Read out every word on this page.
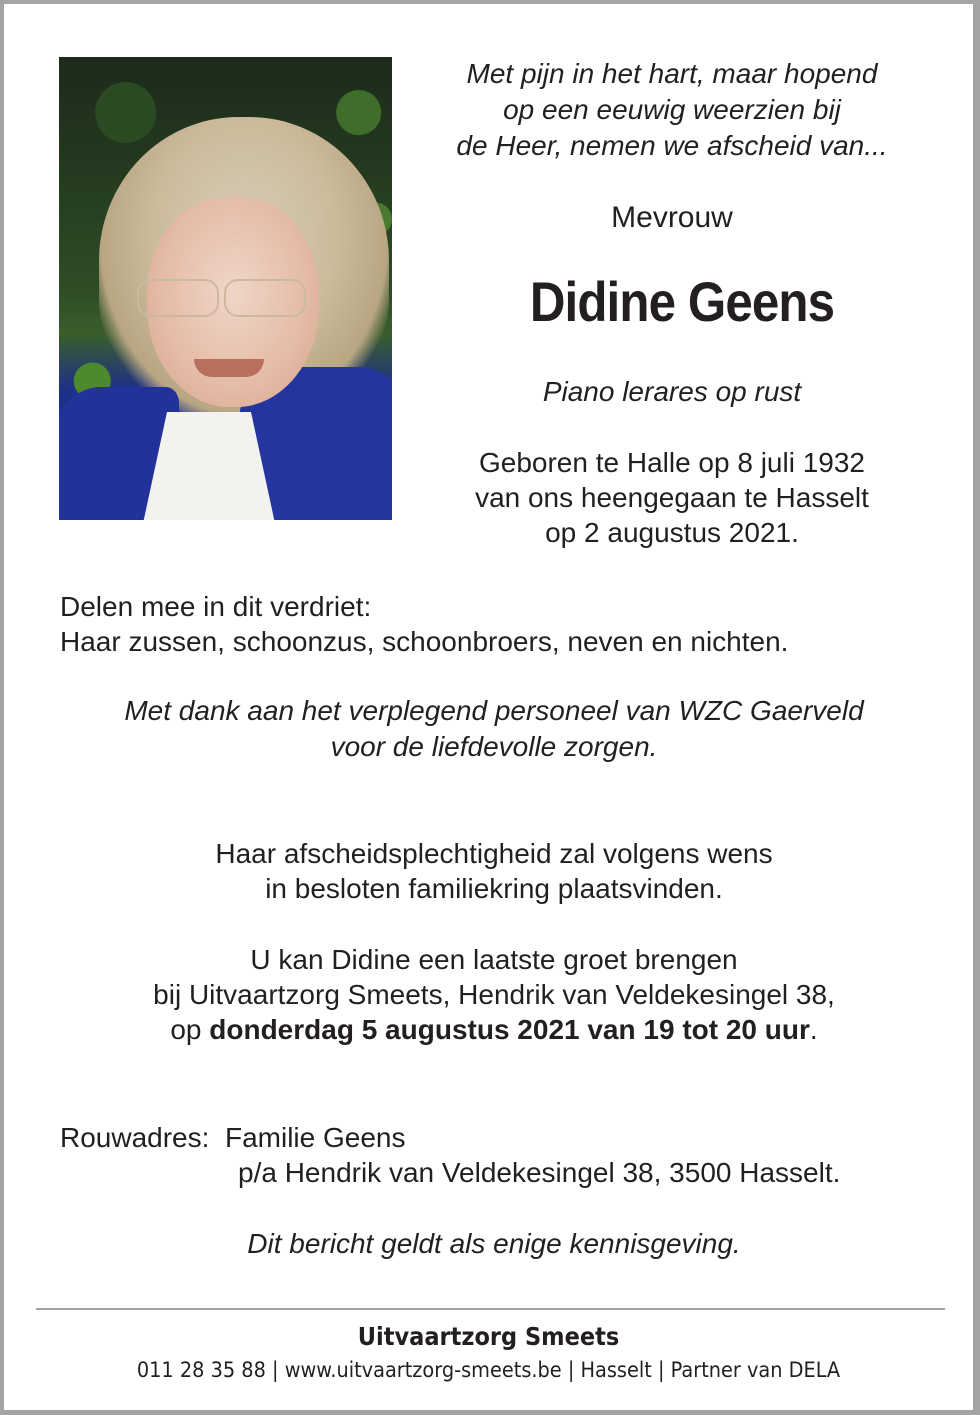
Met pijn in het hart, maar hopend
op een eeuwig weerzien bij
de Heer, nemen we afscheid van...
Mevrouw
Didine Geens
Piano lerares op rust
Geboren te Halle op 8 juli 1932
van ons heengegaan te Hasselt
op 2 augustus 2021.
Delen mee in dit verdriet:
Haar zussen, schoonzus, schoonbroers, neven en nichten.
Met dank aan het verplegend personeel van WZC Gaerveld
voor de liefdevolle zorgen.
Haar afscheidsplechtigheid zal volgens wens
in besloten familiekring plaatsvinden.
U kan Didine een laatste groet brengen
bij Uitvaartzorg Smeets, Hendrik van Veldekesingel 38,
op donderdag 5 augustus 2021 van 19 tot 20 uur.
Rouwadres: Familie Geens
p/a Hendrik van Veldekesingel 38, 3500 Hasselt.
Dit bericht geldt als enige kennisgeving.
Uitvaartzorg Smeets
011 28 35 88 | www.uitvaartzorg-smeets.be | Hasselt | Partner van DELA
